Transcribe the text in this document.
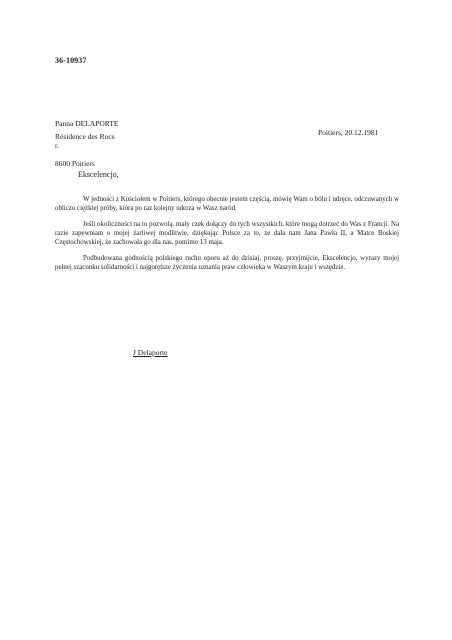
36-10937
Panna DELAPORTE
Résidence des Rocs
r.
8600 Poitiers
Poitiers, 20.12.1981
Ekscelencjo,

W jedności z Kościołem w Poitiers, którego obecnie jestem częścią, mówię Wam o bólu i udręce, odczuwanych w obliczu ciężkiej próby, która po raz kolejny uderza w Wasz naród.

Jeśli okoliczności na to pozwolą, mały czek dołączy do tych wszystkich, które mogą dotrzeć do Was z Francji. Na razie zapewniam o mojej żarliwej modlitwie, dziękując Polsce za to, że dała nam Jana Pawła II, a Matce Boskiej Częstochowskiej, że zachowała go dla nas, pomimo 13 maja.

Podbudowana godnością polskiego ruchu oporu aż do dzisiaj, proszę, przyjmijcie, Ekscelencjo, wyrazy mojej pełnej szacunku solidarności i najgorętsze życzenia uznania praw człowieka w Waszym kraju i wszędzie.

J Delaporte
